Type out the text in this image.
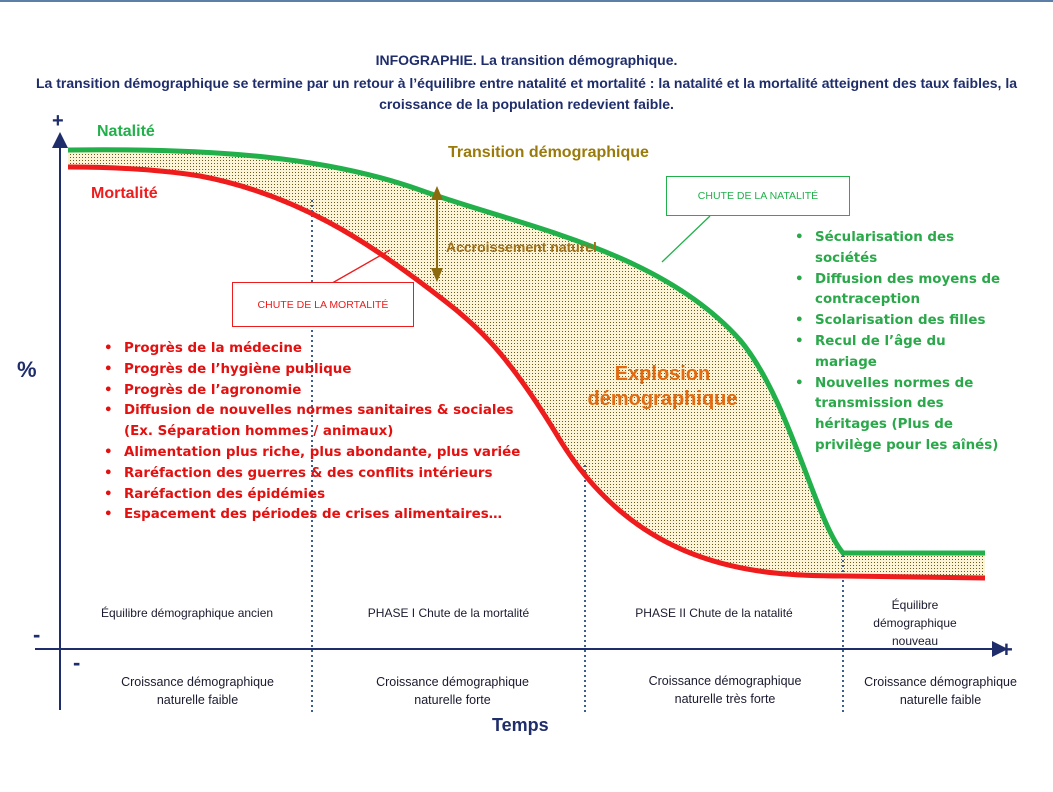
INFOGRAPHIE. La transition démographique.
La transition démographique se termine par un retour à l’équilibre entre natalité et mortalité : la natalité et la mortalité atteignent des taux faibles, la croissance de la population redevient faible.
+
-
-
+
%
Temps
Natalité
Mortalité
Transition démographique
Accroissement naturel
Explosion
démographique
CHUTE DE LA NATALITÉ
CHUTE DE LA MORTALITÉ
• Progrès de la médecine
• Progrès de l’hygiène publique
• Progrès de l’agronomie
• Diffusion de nouvelles normes sanitaires & sociales (Ex. Séparation hommes / animaux)
• Alimentation plus riche, plus abondante, plus variée
• Raréfaction des guerres & des conflits intérieurs
• Raréfaction des épidémies
• Espacement des périodes de crises alimentaires…
• Sécularisation des sociétés
• Diffusion des moyens de contraception
• Scolarisation des filles
• Recul de l’âge du mariage
• Nouvelles normes de transmission des héritages (Plus de privilège pour les aînés)
Équilibre démographique ancien	PHASE I Chute de la mortalité	PHASE II Chute de la natalité
Équilibre démographique nouveau
Croissance démographique naturelle faible
Croissance démographique naturelle forte
Croissance démographique naturelle très forte
Croissance démographique naturelle faible
